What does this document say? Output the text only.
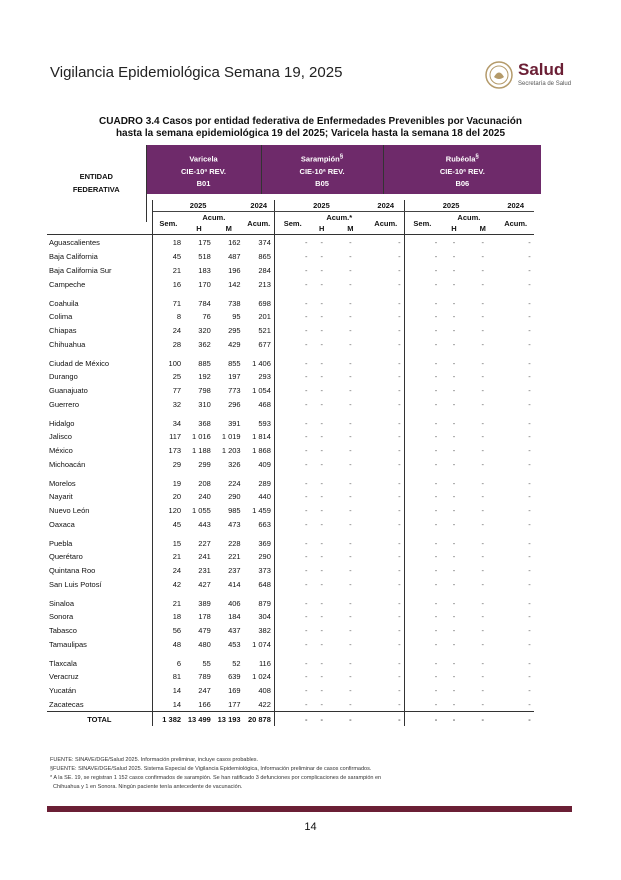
Vigilancia Epidemiológica Semana 19, 2025	Salud
Secretaría de Salud
CUADRO 3.4 Casos por entidad federativa de Enfermedades Prevenibles por Vacunación
hasta la semana epidemiológica 19 del 2025; Varicela hasta la semana 18 del 2025
ENTIDAD
FEDERATIVA	Varicela	Sarampión§	Rubéola§
	CIE-10ª REV.	CIE-10ª REV.	CIE-10ª REV.
	B01	B05	B06

	2025			2024	2025			2024	2025			2024
	Sem.	Acum.		Acum.	Sem.	Acum.*		Acum.	Sem.	Acum.		Acum.
		H	M			H	M			H	M	
Aguascalientes	18	175	162	374	-	-	-	-	-	-	-	-
Baja California	45	518	487	865	-	-	-	-	-	-	-	-
Baja California Sur	21	183	196	284	-	-	-	-	-	-	-	-
Campeche	16	170	142	213	-	-	-	-	-	-	-	-
Coahuila	71	784	738	698	-	-	-	-	-	-	-	-
Colima	8	76	95	201	-	-	-	-	-	-	-	-
Chiapas	24	320	295	521	-	-	-	-	-	-	-	-
Chihuahua	28	362	429	677	-	-	-	-	-	-	-	-
Ciudad de México	100	885	855	1 406	-	-	-	-	-	-	-	-
Durango	25	192	197	293	-	-	-	-	-	-	-	-
Guanajuato	77	798	773	1 054	-	-	-	-	-	-	-	-
Guerrero	32	310	296	468	-	-	-	-	-	-	-	-
Hidalgo	34	368	391	593	-	-	-	-	-	-	-	-
Jalisco	117	1 016	1 019	1 814	-	-	-	-	-	-	-	-
México	173	1 188	1 203	1 868	-	-	-	-	-	-	-	-
Michoacán	29	299	326	409	-	-	-	-	-	-	-	-
Morelos	19	208	224	289	-	-	-	-	-	-	-	-
Nayarit	20	240	290	440	-	-	-	-	-	-	-	-
Nuevo León	120	1 055	985	1 459	-	-	-	-	-	-	-	-
Oaxaca	45	443	473	663	-	-	-	-	-	-	-	-
Puebla	15	227	228	369	-	-	-	-	-	-	-	-
Querétaro	21	241	221	290	-	-	-	-	-	-	-	-
Quintana Roo	24	231	237	373	-	-	-	-	-	-	-	-
San Luis Potosí	42	427	414	648	-	-	-	-	-	-	-	-
Sinaloa	21	389	406	879	-	-	-	-	-	-	-	-
Sonora	18	178	184	304	-	-	-	-	-	-	-	-
Tabasco	56	479	437	382	-	-	-	-	-	-	-	-
Tamaulipas	48	480	453	1 074	-	-	-	-	-	-	-	-
Tlaxcala	6	55	52	116	-	-	-	-	-	-	-	-
Veracruz	81	789	639	1 024	-	-	-	-	-	-	-	-
Yucatán	14	247	169	408	-	-	-	-	-	-	-	-
Zacatecas	14	166	177	422	-	-	-	-	-	-	-	-
TOTAL	1 382	13 499	13 193	20 878	-	-	-	-	-	-	-	-
FUENTE: SINAVE/DGE/Salud 2025. Información preliminar, incluye casos probables.
§FUENTE: SINAVE/DGE/Salud 2025. Sistema Especial de Vigilancia Epidemiológica, Información preliminar de casos confirmados.
* A la SE. 19, se registran 1 152 casos confirmados de sarampión. Se han ratificado 3 defunciones por complicaciones de sarampión en
Chihuahua y 1 en Sonora. Ningún paciente tenía antecedente de vacunación.
14
